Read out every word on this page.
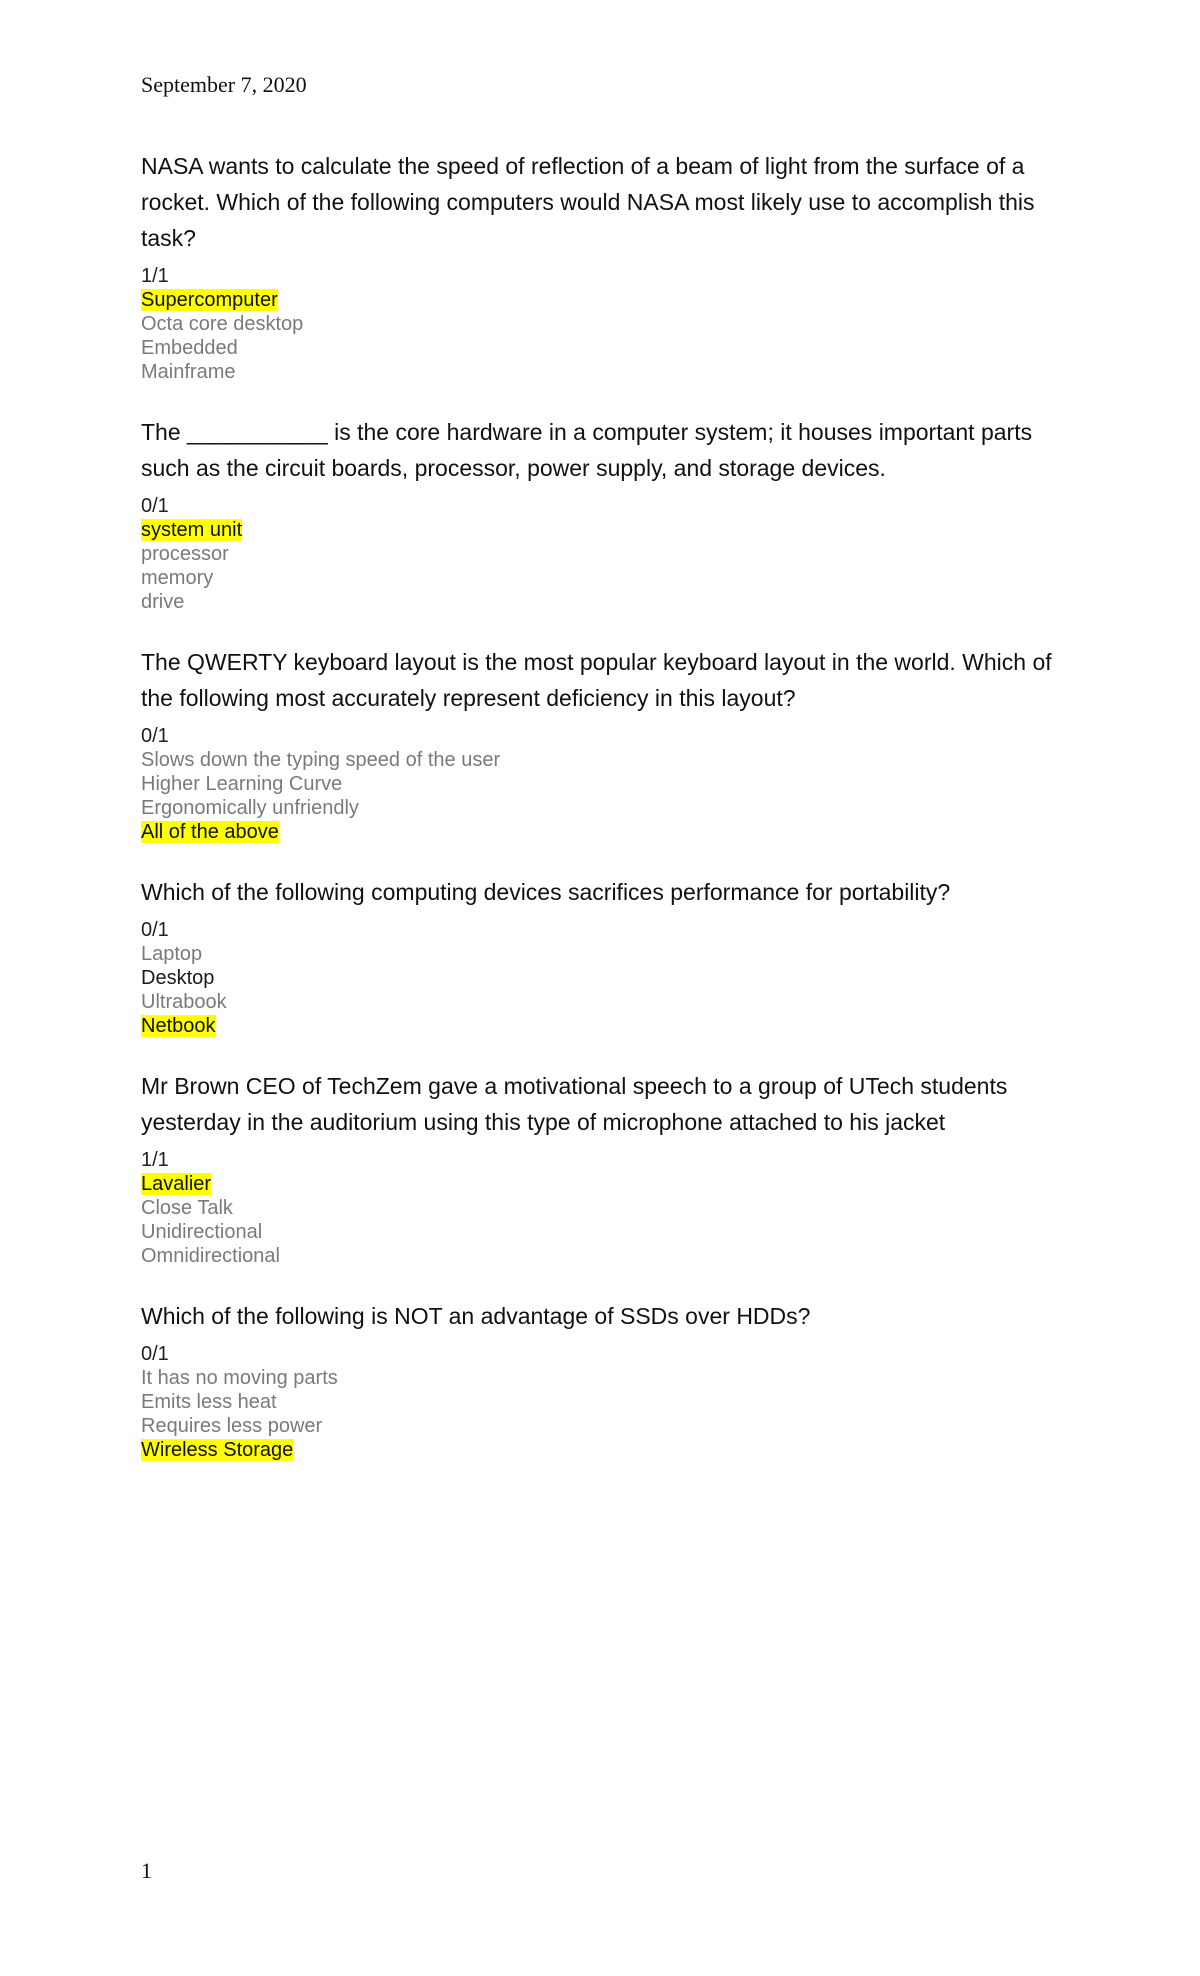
September 7, 2020

NASA wants to calculate the speed of reflection of a beam of light from the surface of a rocket. Which of the following computers would NASA most likely use to accomplish this task?

1/1
Supercomputer
Octa core desktop
Embedded
Mainframe

The ___________ is the core hardware in a computer system; it houses important parts such as the circuit boards, processor, power supply, and storage devices.

0/1
system unit
processor
memory
drive

The QWERTY keyboard layout is the most popular keyboard layout in the world. Which of the following most accurately represent deficiency in this layout?

0/1
Slows down the typing speed of the user
Higher Learning Curve
Ergonomically unfriendly
All of the above

Which of the following computing devices sacrifices performance for portability?

0/1
Laptop
Desktop
Ultrabook
Netbook

Mr Brown CEO of TechZem gave a motivational speech to a group of UTech students yesterday in the auditorium using this type of microphone attached to his jacket

1/1
Lavalier
Close Talk
Unidirectional
Omnidirectional

Which of the following is NOT an advantage of SSDs over HDDs?

0/1
It has no moving parts
Emits less heat
Requires less power
Wireless Storage
1
